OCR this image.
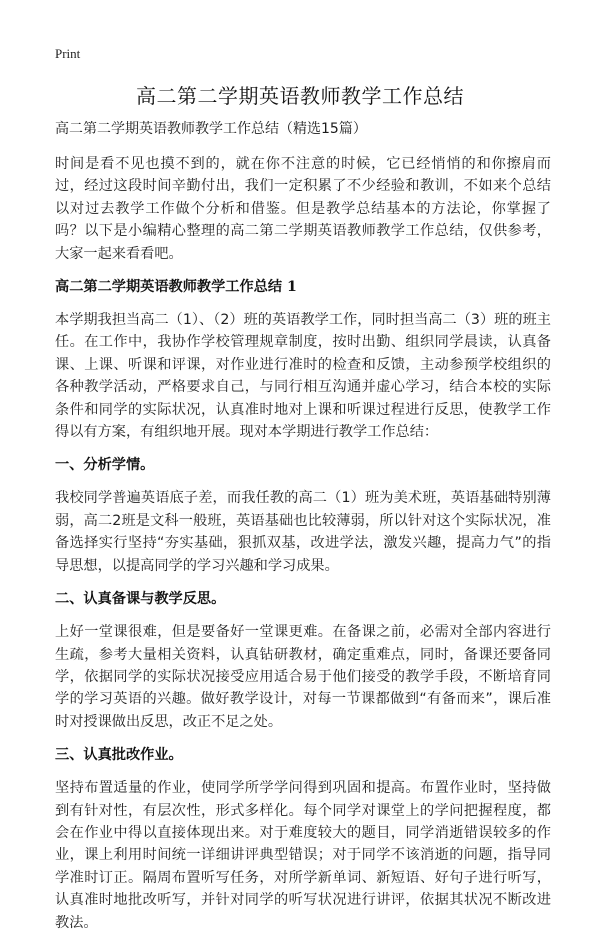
Print
高二第二学期英语教师教学工作总结
高二第二学期英语教师教学工作总结（精选15篇）

时间是看不见也摸不到的，就在你不注意的时候，它已经悄悄的和你擦肩而过，经过这段时间辛勤付出，我们一定积累了不少经验和教训，不如来个总结以对过去教学工作做个分析和借鉴。但是教学总结基本的方法论，你掌握了吗？以下是小编精心整理的高二第二学期英语教师教学工作总结，仅供参考，大家一起来看看吧。

高二第二学期英语教师教学工作总结 1

本学期我担当高二（1）、（2）班的英语教学工作，同时担当高二（3）班的班主任。在工作中，我协作学校管理规章制度，按时出勤、组织同学晨读，认真备课、上课、听课和评课，对作业进行准时的检查和反馈，主动参预学校组织的各种教学活动，严格要求自己，与同行相互沟通并虚心学习，结合本校的实际条件和同学的实际状况，认真准时地对上课和听课过程进行反思，使教学工作得以有方案，有组织地开展。现对本学期进行教学工作总结：

一、分析学情。

我校同学普遍英语底子差，而我任教的高二（1）班为美术班，英语基础特别薄弱，高二2班是文科一般班，英语基础也比较薄弱，所以针对这个实际状况，准备选择实行坚持“夯实基础，狠抓双基，改进学法，激发兴趣，提高力气”的指导思想，以提高同学的学习兴趣和学习成果。

二、认真备课与教学反思。

上好一堂课很难，但是要备好一堂课更难。在备课之前，必需对全部内容进行生疏，参考大量相关资料，认真钻研教材，确定重难点，同时，备课还要备同学，依据同学的实际状况接受应用适合易于他们接受的教学手段，不断培育同学的学习英语的兴趣。做好教学设计，对每一节课都做到“有备而来”，课后准时对授课做出反思，改正不足之处。

三、认真批改作业。

坚持布置适量的作业，使同学所学学问得到巩固和提高。布置作业时，坚持做到有针对性，有层次性，形式多样化。每个同学对课堂上的学问把握程度，都会在作业中得以直接体现出来。对于难度较大的题目，同学消逝错误较多的作业，课上利用时间统一详细讲评典型错误；对于同学不该消逝的问题，指导同学准时订正。隔周布置听写任务，对所学新单词、新短语、好句子进行听写，认真准时地批改听写，并针对同学的听写状况进行讲评，依据其状况不断改进教法。
